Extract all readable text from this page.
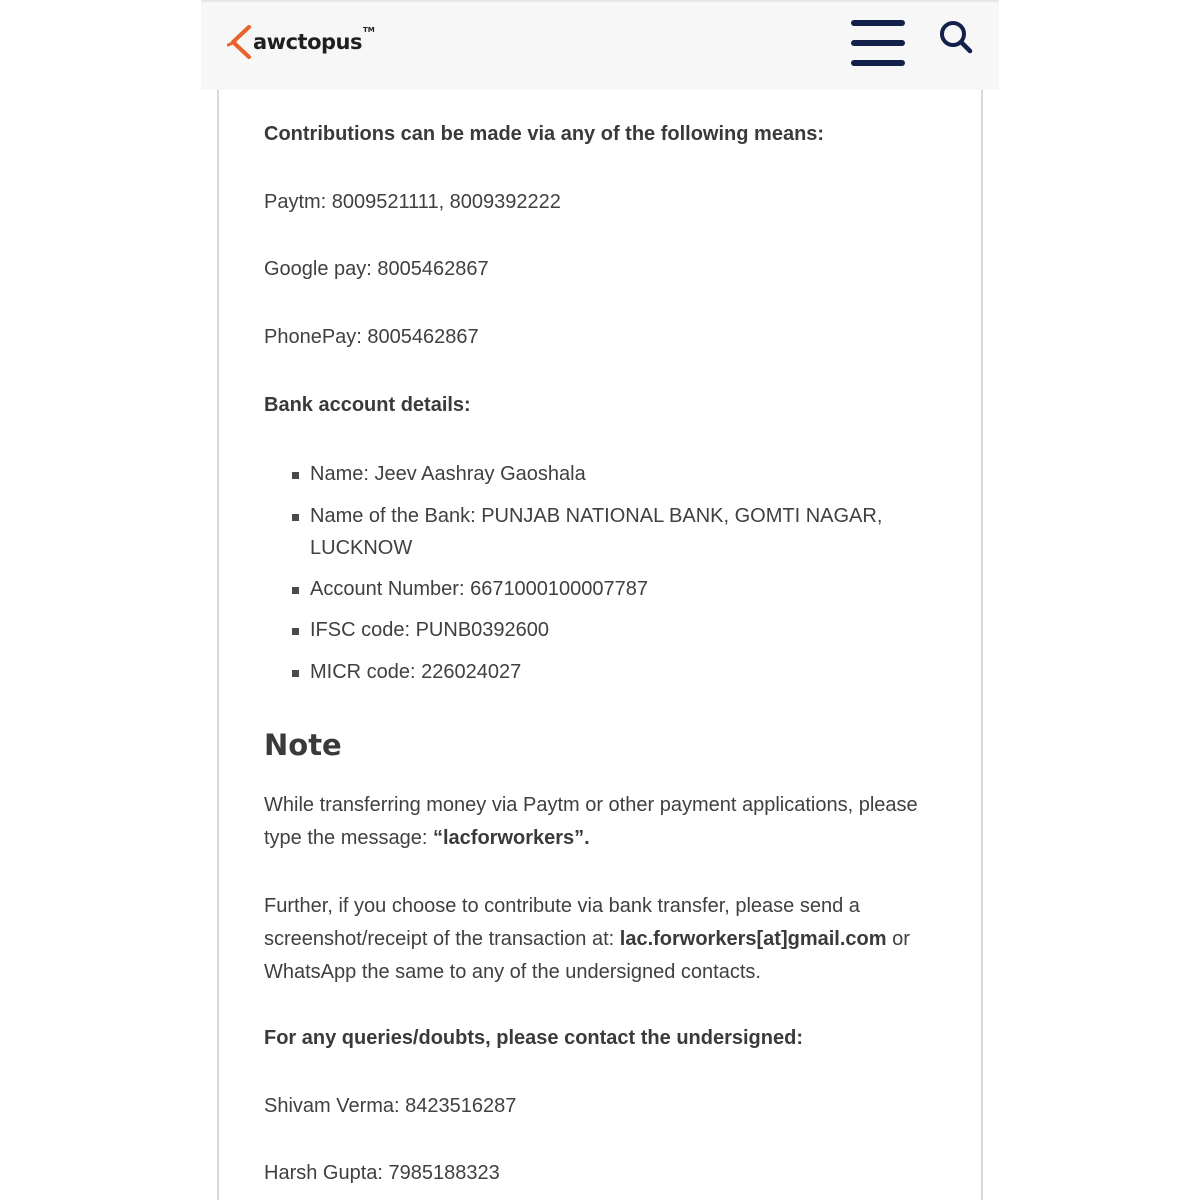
awctopus TM

Contributions can be made via any of the following means:

Paytm: 8009521111, 8009392222

Google pay: 8005462867

PhonePay: 8005462867

Bank account details:

Name: Jeev Aashray Gaoshala

Name of the Bank: PUNJAB NATIONAL BANK, GOMTI NAGAR, LUCKNOW

Account Number: 6671000100007787

IFSC code: PUNB0392600

MICR code: 226024027

Note

While transferring money via Paytm or other payment applications, please type the message: “lacforworkers”.

Further, if you choose to contribute via bank transfer, please send a screenshot/receipt of the transaction at: lac.forworkers[at]gmail.com or WhatsApp the same to any of the undersigned contacts.

For any queries/doubts, please contact the undersigned:

Shivam Verma: 8423516287

Harsh Gupta: 7985188323
